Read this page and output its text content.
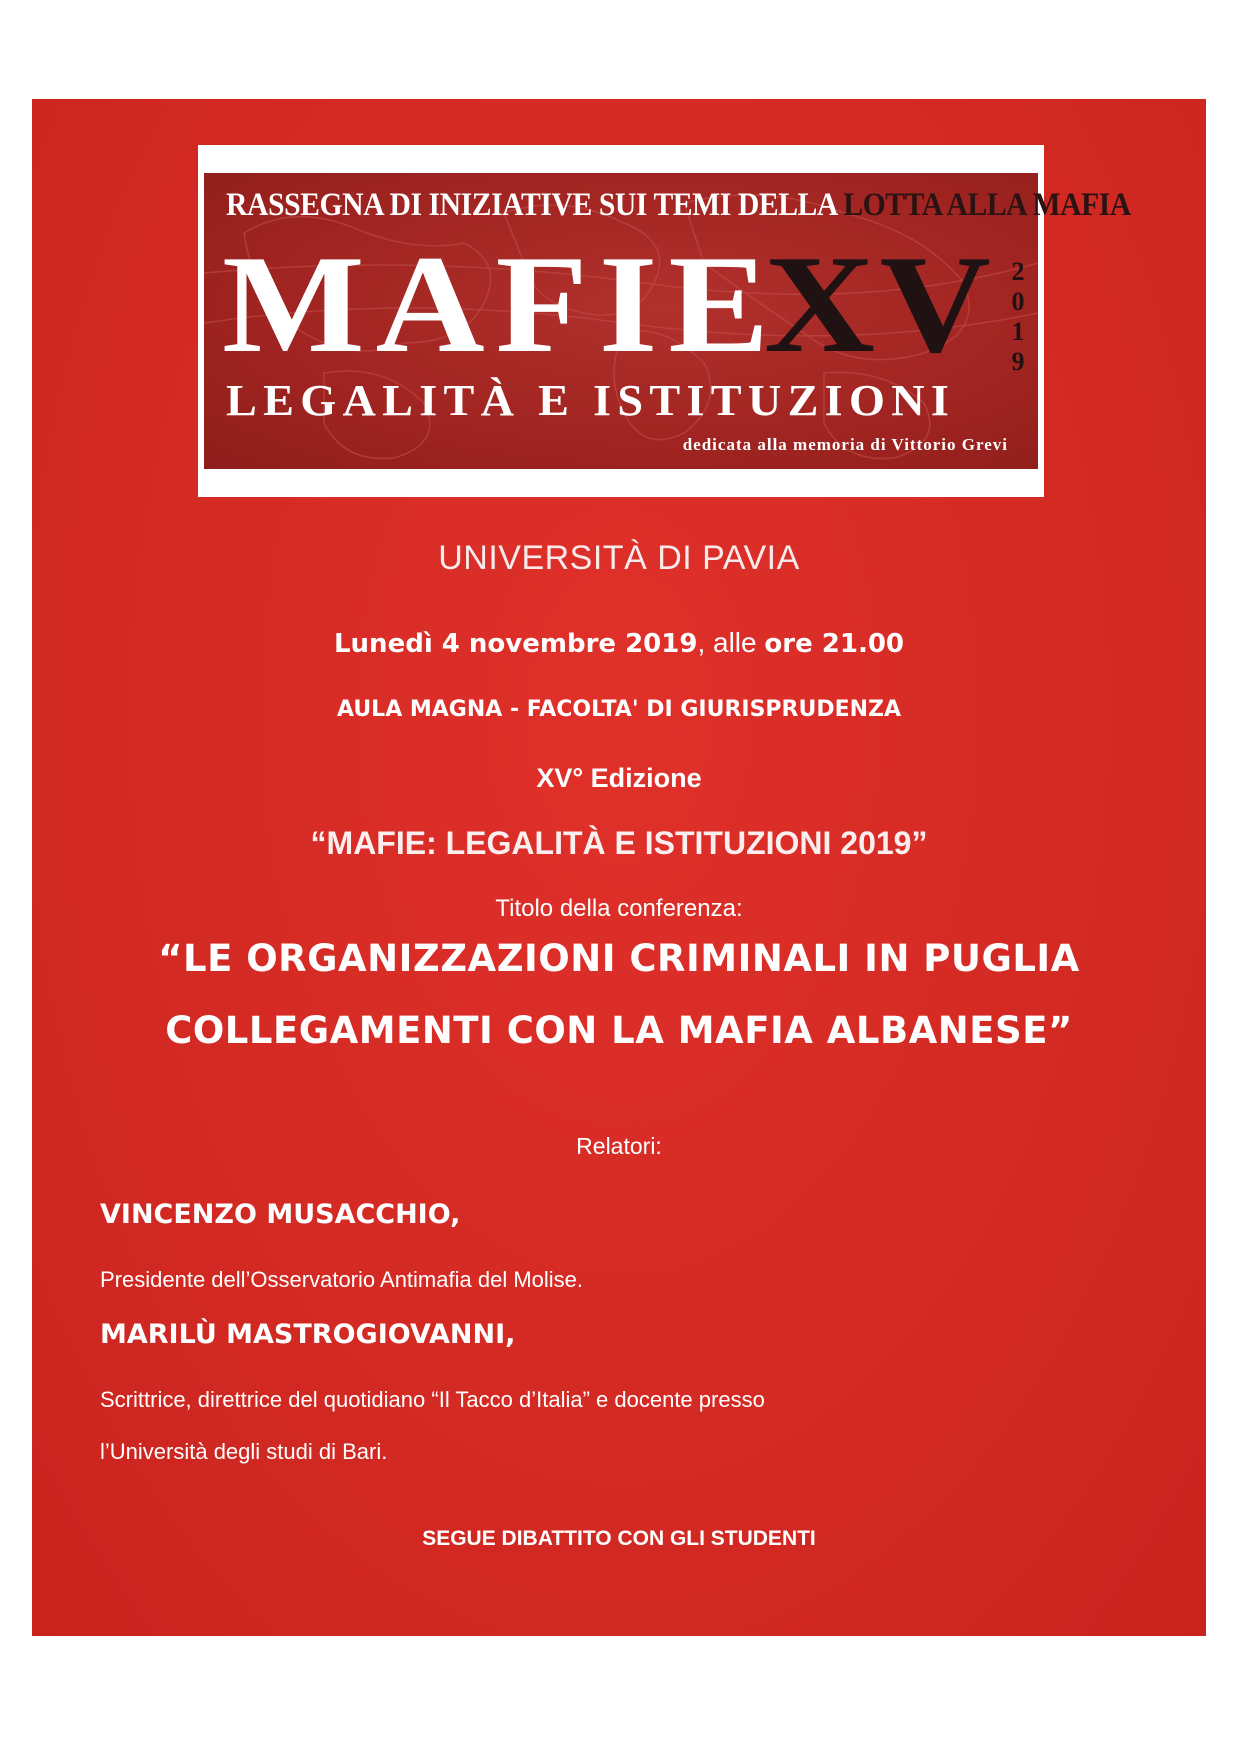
RASSEGNA DI INIZIATIVE SUI TEMI DELLA LOTTA ALLA MAFIA
MAFIE
XV 2019
LEGALITÀ E ISTITUZIONI
dedicata alla memoria di Vittorio Grevi
UNIVERSITÀ DI PAVIA
Lunedì 4 novembre 2019, alle ore 21.00
AULA MAGNA - FACOLTA' DI GIURISPRUDENZA
XV° Edizione
“MAFIE: LEGALITÀ E ISTITUZIONI 2019”
Titolo della conferenza:
“LE ORGANIZZAZIONI CRIMINALI IN PUGLIA
COLLEGAMENTI CON LA MAFIA ALBANESE”
Relatori:
VINCENZO MUSACCHIO,
Presidente dell’Osservatorio Antimafia del Molise.
MARILÙ MASTROGIOVANNI,
Scrittrice, direttrice del quotidiano “Il Tacco d’Italia” e docente presso
l’Università degli studi di Bari.
SEGUE DIBATTITO CON GLI STUDENTI
